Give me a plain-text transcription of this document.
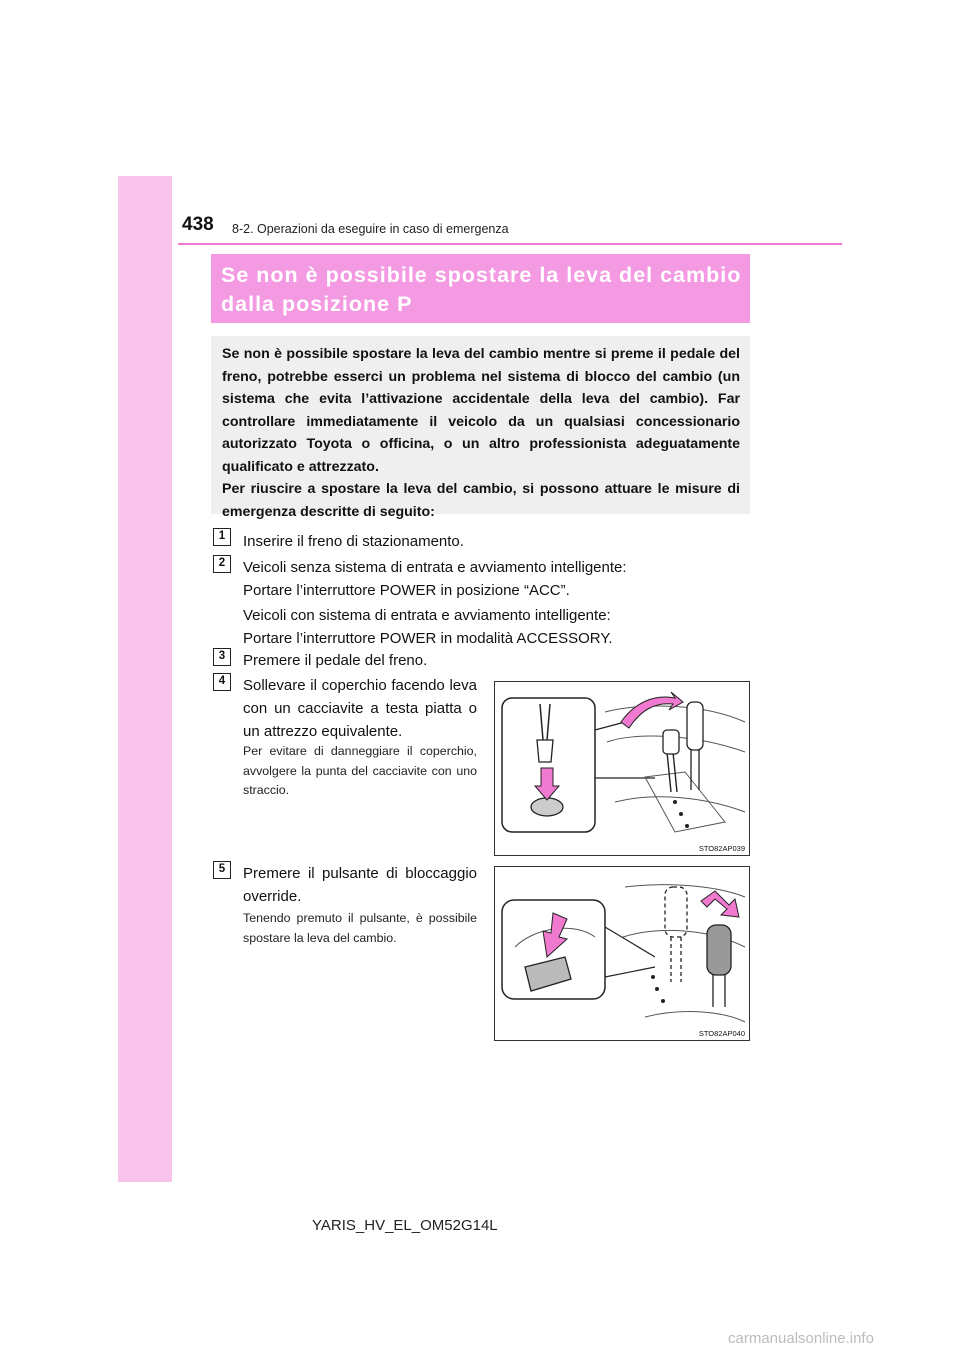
438 8-2. Operazioni da eseguire in caso di emergenza
Se non è possibile spostare la leva del cambio
dalla posizione P

Se non è possibile spostare la leva del cambio mentre si preme il pedale del freno, potrebbe esserci un problema nel sistema di blocco del cambio (un sistema che evita l’attivazione accidentale della leva del cambio). Far controllare immediatamente il veicolo da un qualsiasi concessionario autorizzato Toyota o officina, o un altro professionista adeguatamente qualificato e attrezzato.

Per riuscire a spostare la leva del cambio, si possono attuare le misure di emergenza descritte di seguito:

1	Inserire il freno di stazionamento.
2	Veicoli senza sistema di entrata e avviamento intelligente:
Portare l’interruttore POWER in posizione “ACC”.
Veicoli con sistema di entrata e avviamento intelligente:
Portare l’interruttore POWER in modalità ACCESSORY.
3	Premere il pedale del freno.
4	Sollevare il coperchio facendo leva con un cacciavite a testa piatta o un attrezzo equivalente.
Per evitare di danneggiare il coperchio, avvolgere la punta del cacciavite con uno straccio.
STO82AP039
5	Premere il pulsante di bloccaggio override.
Tenendo premuto il pulsante, è possibile spostare la leva del cambio.
STO82AP040
YARIS_HV_EL_OM52G14L
carmanualsonline.info
